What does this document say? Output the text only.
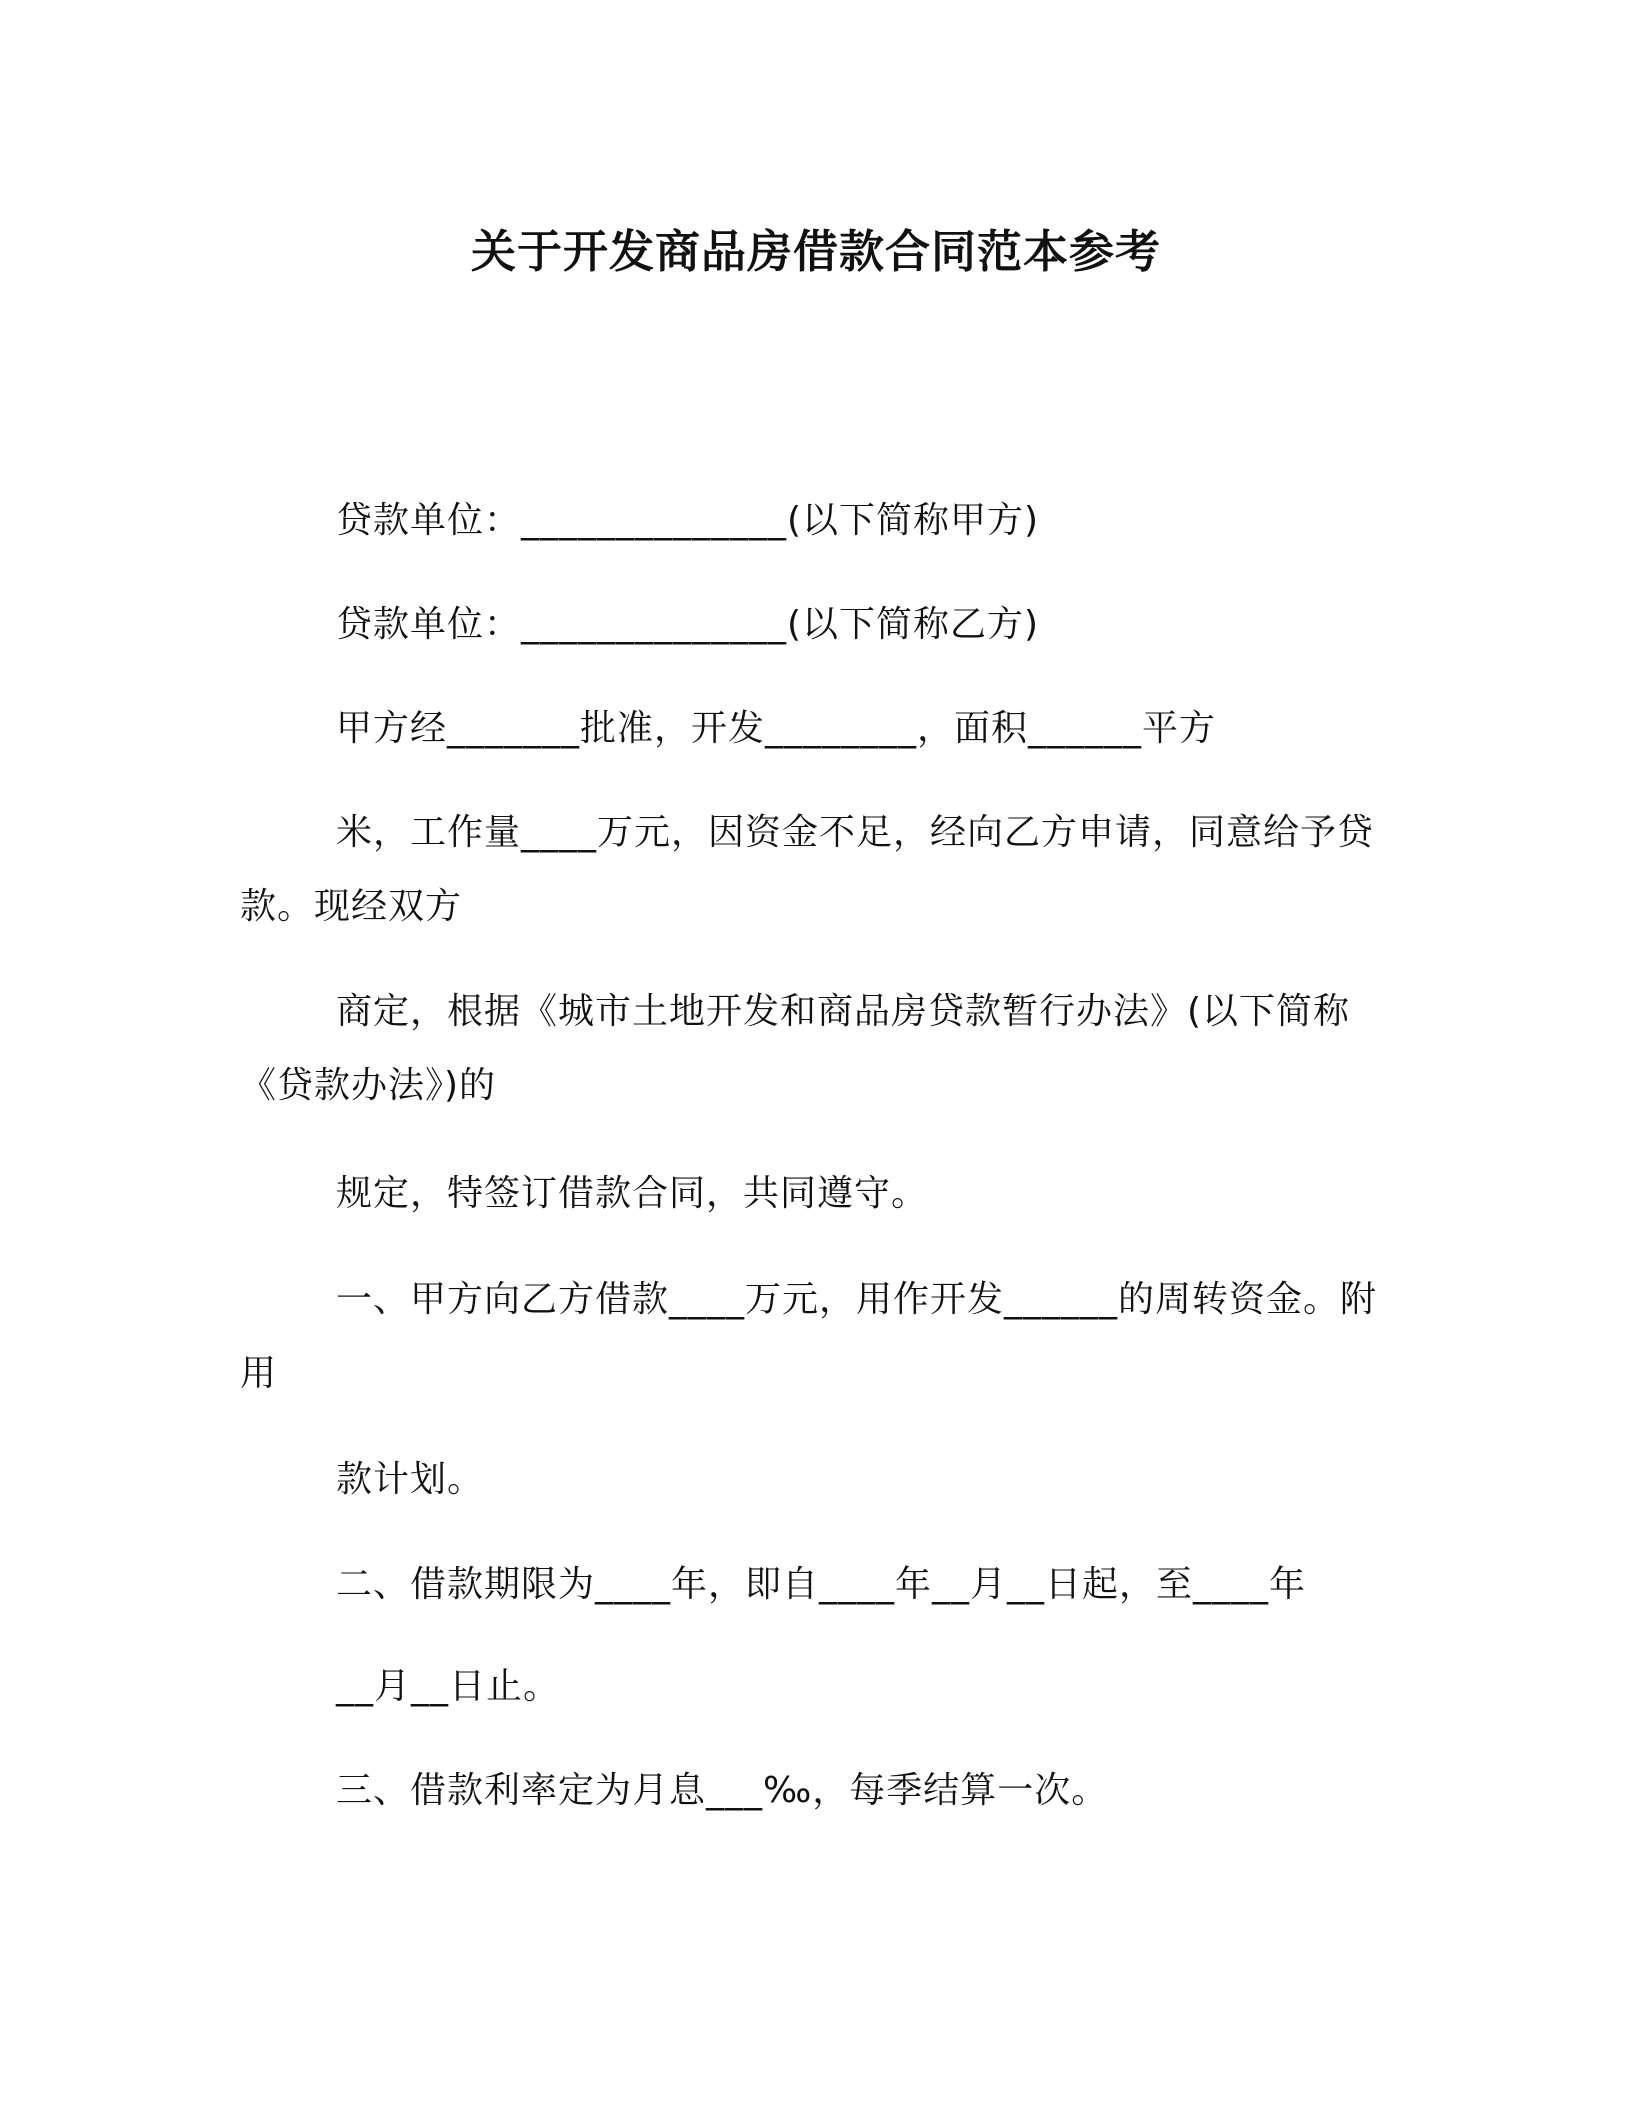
关于开发商品房借款合同范本参考
贷款单位：______________(以下简称甲方)
贷款单位：______________(以下简称乙方)
甲方经_______批准，开发________，面积______平方
米，工作量____万元，因资金不足，经向乙方申请，同意给予贷款。现经双方
商定，根据《城市土地开发和商品房贷款暂行办法》(以下简称《贷款办法》)的
规定，特签订借款合同，共同遵守。
一、甲方向乙方借款____万元，用作开发______的周转资金。附用
款计划。
二、借款期限为____年，即自____年__月__日起，至____年
__月__日止。
三、借款利率定为月息___‰，每季结算一次。
